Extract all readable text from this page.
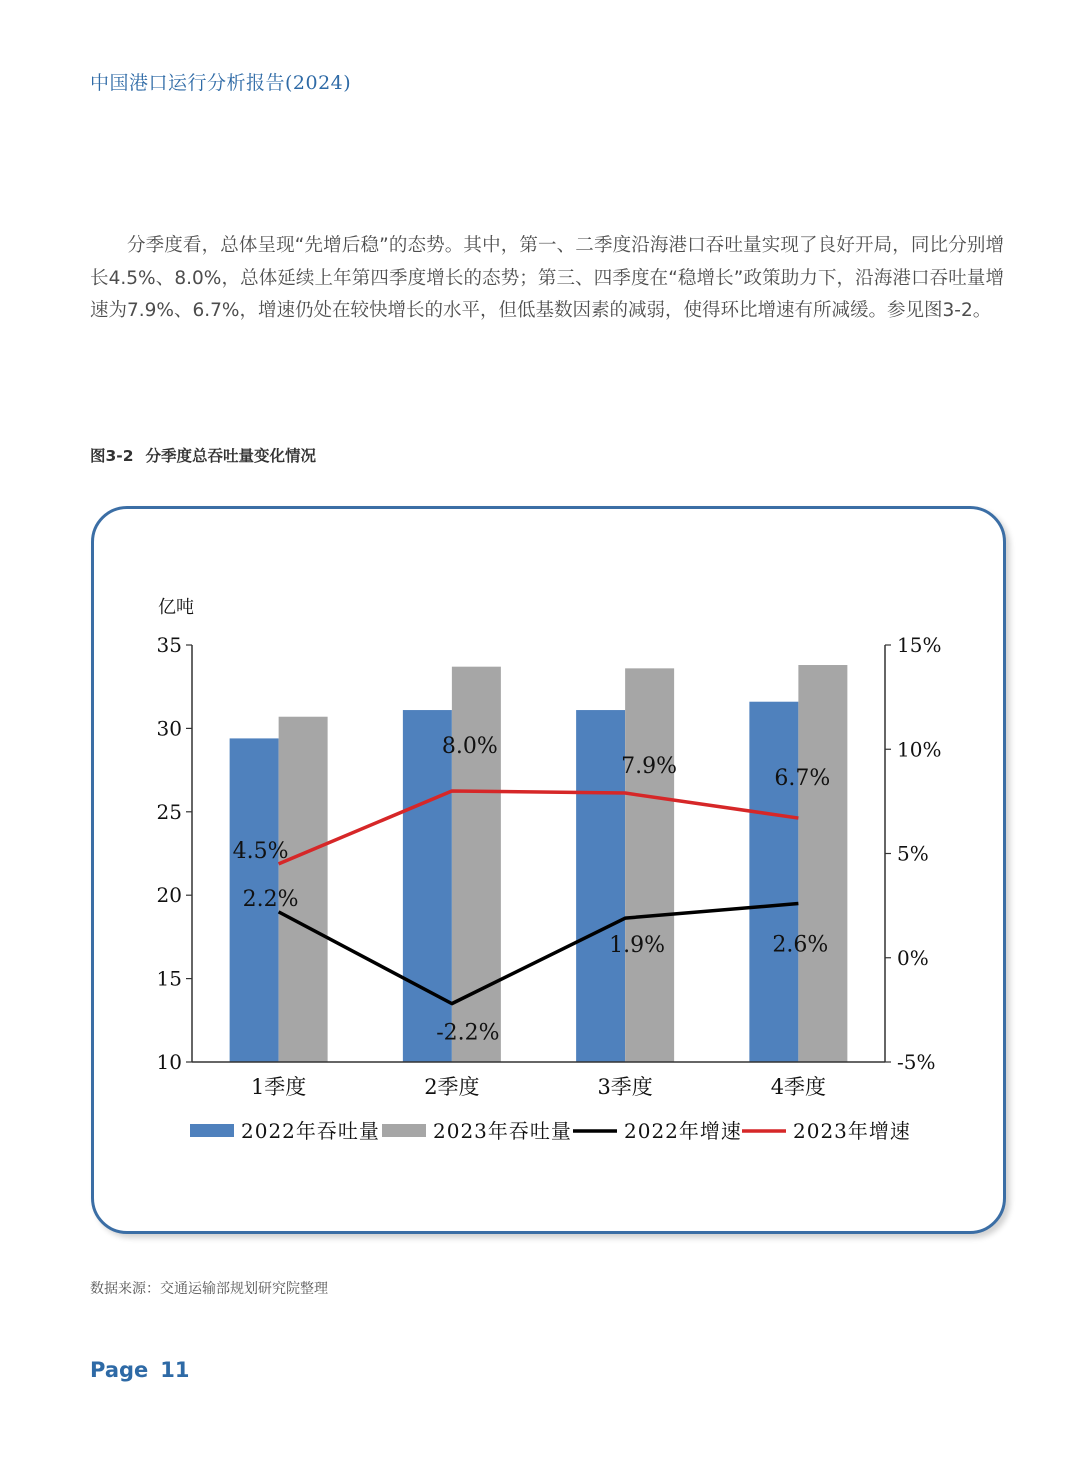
中国港口运行分析报告(2024)

分季度看，总体呈现“先增后稳”的态势。其中，第一、二季度沿海港口吞吐量实现了良好开局，同比分别增长4.5%、8.0%，总体延续上年第四季度增长的态势；第三、四季度在“稳增长”政策助力下，沿海港口吞吐量增速为7.9%、6.7%，增速仍处在较快增长的水平，但低基数因素的减弱，使得环比增速有所减缓。参见图3-2。

图3-2 分季度总吞吐量变化情况
10
15
20
25
30
35
-5%
0%
5%
10%
15%
亿吨
1季度	2季度	3季度	4季度
2.2%
-2.2%
1.9%	2.6%
4.5%
8.0%
7.9%	6.7%
2022年吞吐量	2023年吞吐量	2022年增速	2023年增速
数据来源：交通运输部规划研究院整理
Page 11
